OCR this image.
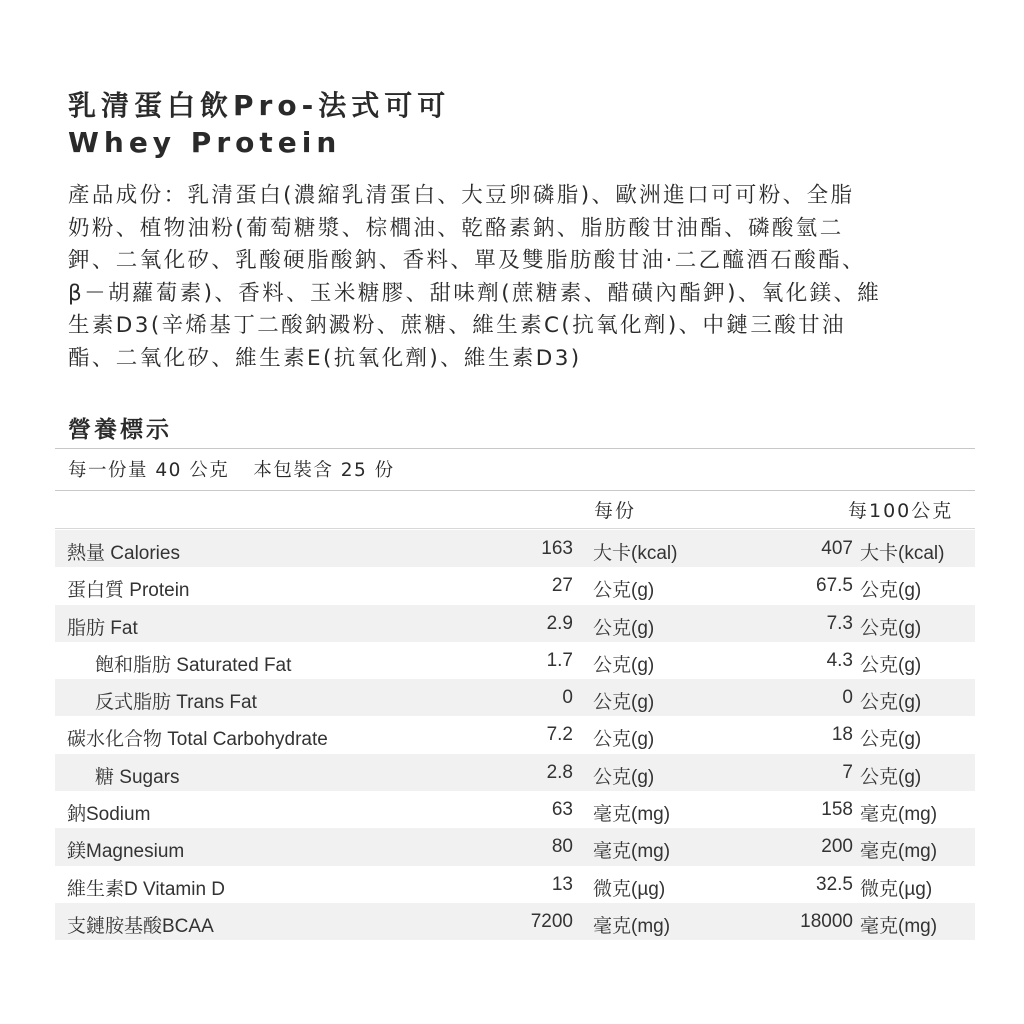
乳清蛋白飲Pro-法式可可
Whey Protein
產品成份：乳清蛋白(濃縮乳清蛋白、大豆卵磷脂)、歐洲進口可可粉、全脂
奶粉、植物油粉(葡萄糖漿、棕櫚油、乾酪素鈉、脂肪酸甘油酯、磷酸氫二
鉀、二氧化矽、乳酸硬脂酸鈉、香料、單及雙脂肪酸甘油·二乙醯酒石酸酯、
β－胡蘿蔔素)、香料、玉米糖膠、甜味劑(蔗糖素、醋磺內酯鉀)、氧化鎂、維
生素D3(辛烯基丁二酸鈉澱粉、蔗糖、維生素C(抗氧化劑)、中鏈三酸甘油
酯、二氧化矽、維生素E(抗氧化劑)、維生素D3)
營養標示
每一份量 40 公克 本包裝含 25 份
每份	每100公克
熱量 Calories	163 大卡(kcal)	407 大卡(kcal)
蛋白質 Protein	27 公克(g)	67.5 公克(g)
脂肪 Fat	2.9 公克(g)	7.3 公克(g)
飽和脂肪 Saturated Fat	1.7 公克(g)	4.3 公克(g)
反式脂肪 Trans Fat	0 公克(g)	0 公克(g)
碳水化合物 Total Carbohydrate	7.2 公克(g)	18 公克(g)
糖 Sugars	2.8 公克(g)	7 公克(g)
鈉Sodium	63 毫克(mg)	158 毫克(mg)
鎂Magnesium	80 毫克(mg)	200 毫克(mg)
維生素D Vitamin D	13 微克(µg)	32.5 微克(µg)
支鏈胺基酸BCAA	7200 毫克(mg)	18000 毫克(mg)
